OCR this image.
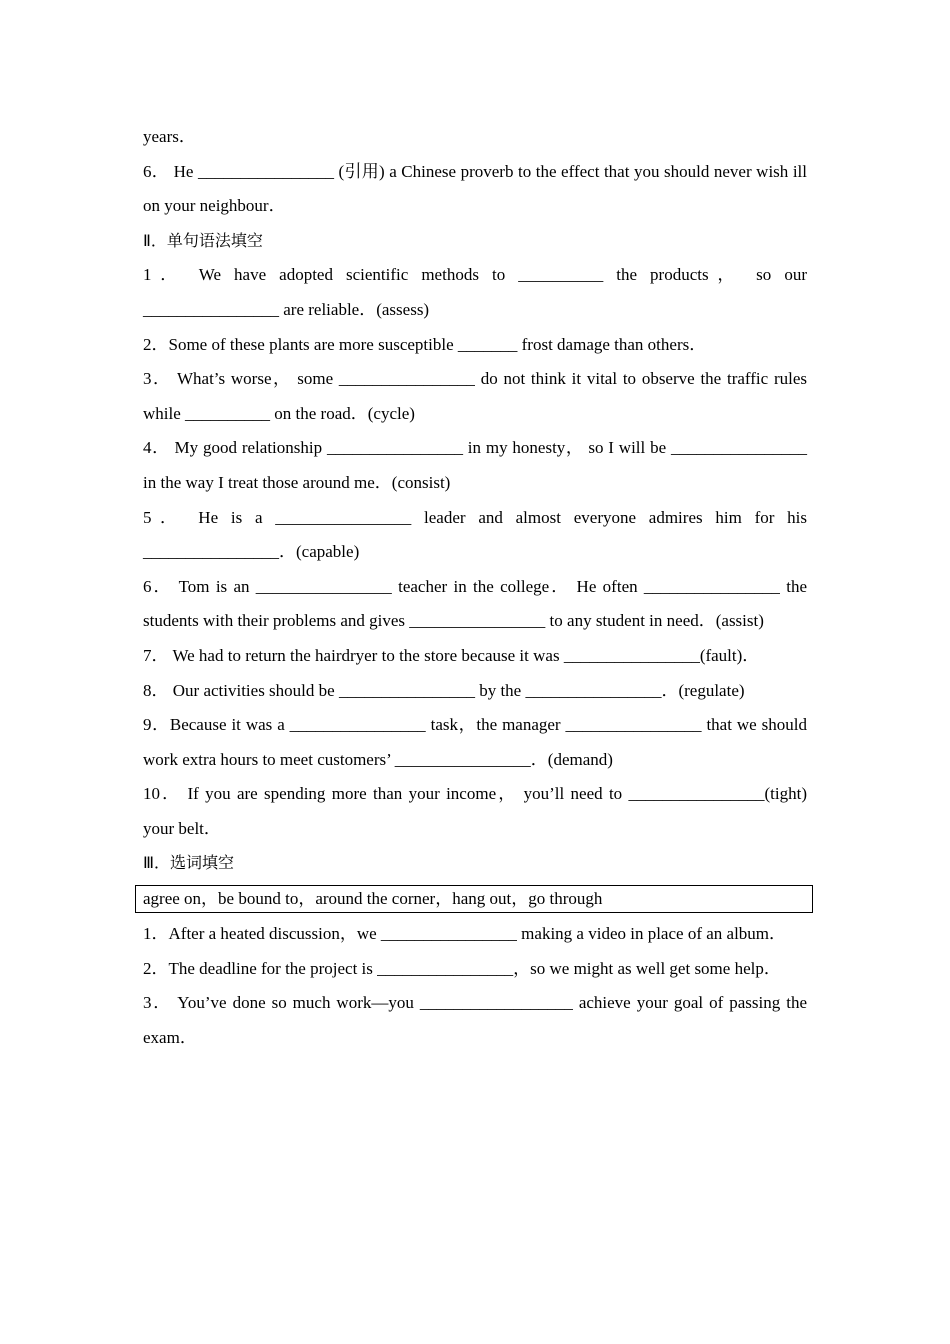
years．

6． He ________________ (引用) a Chinese proverb to the effect that you should never wish ill on your neighbour．

Ⅱ．单句语法填空

1． We have adopted scientific methods to __________ the products， so our ________________ are reliable．(assess)

2．Some of these plants are more susceptible _______ frost damage than others．

3． What’s worse， some ________________ do not think it vital to observe the traffic rules while __________ on the road．(cycle)

4． My good relationship ________________ in my honesty， so I will be ________________ in the way I treat those around me．(consist)

5． He is a ________________ leader and almost everyone admires him for his ________________．(capable)

6． Tom is an ________________ teacher in the college． He often ________________ the students with their problems and gives ________________ to any student in need．(assist)

7． We had to return the hairdryer to the store because it was ________________(fault)．

8． Our activities should be ________________ by the ________________．(regulate)

9．Because it was a ________________ task，the manager ________________ that we should work extra hours to meet customers’ ________________．(demand)

10． If you are spending more than your income， you’ll need to ________________(tight) your belt．

Ⅲ．选词填空

agree on，be bound to，around the corner，hang out，go through

1．After a heated discussion，we ________________ making a video in place of an album．

2．The deadline for the project is ________________，so we might as well get some help．

3． You’ve done so much work—you __________________ achieve your goal of passing the exam．
